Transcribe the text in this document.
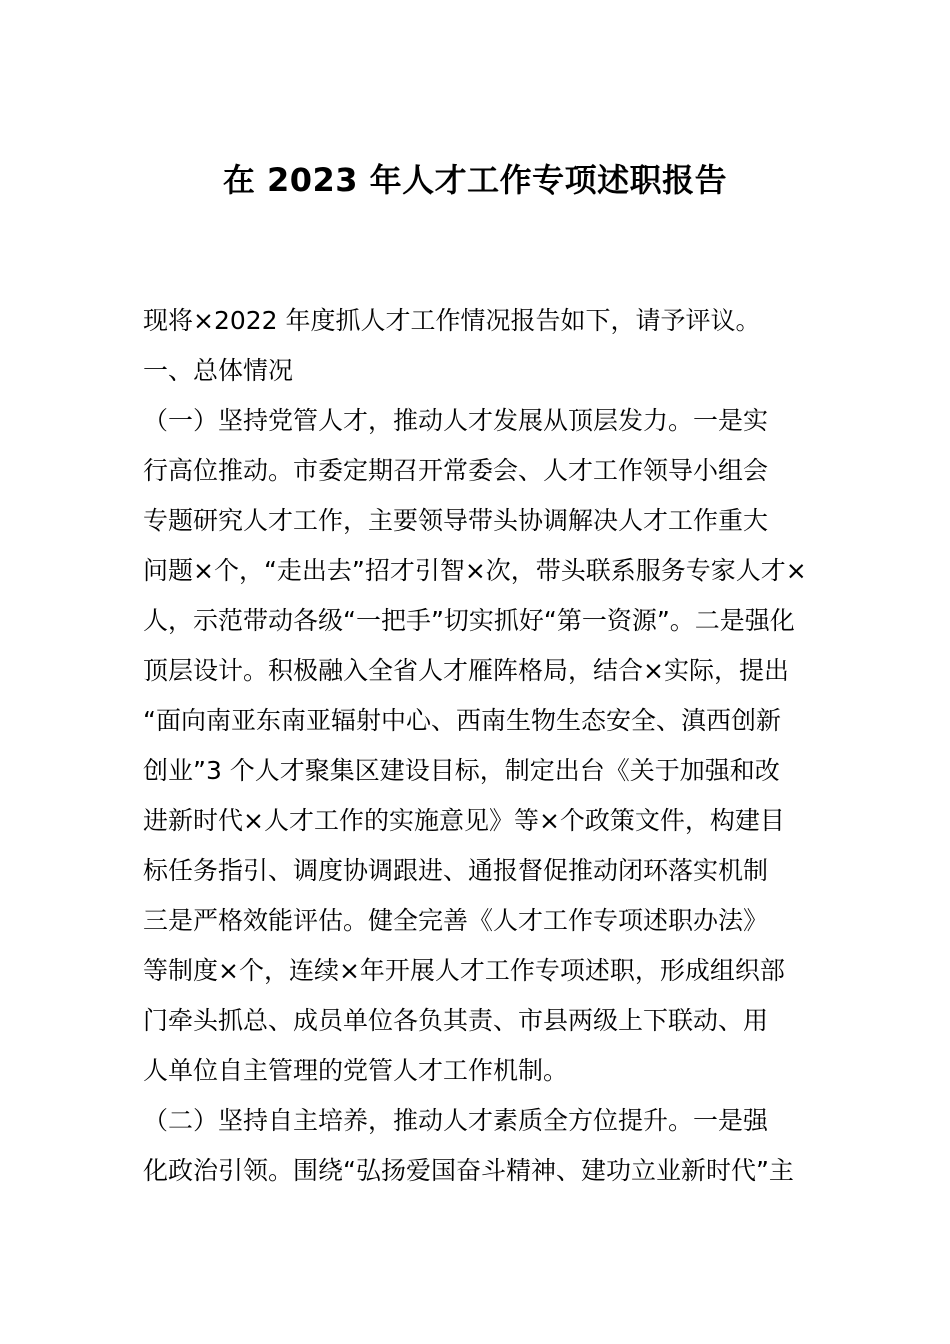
在 2023 年人才工作专项述职报告
现将×2022 年度抓人才工作情况报告如下，请予评议。
一、总体情况
（一）坚持党管人才，推动人才发展从顶层发力。一是实
行高位推动。市委定期召开常委会、人才工作领导小组会
专题研究人才工作，主要领导带头协调解决人才工作重大
问题×个，“走出去”招才引智×次，带头联系服务专家人才×
人，示范带动各级“一把手”切实抓好“第一资源”。二是强化
顶层设计。积极融入全省人才雁阵格局，结合×实际，提出
“面向南亚东南亚辐射中心、西南生物生态安全、滇西创新
创业”3 个人才聚集区建设目标，制定出台《关于加强和改
进新时代×人才工作的实施意见》等×个政策文件，构建目
标任务指引、调度协调跟进、通报督促推动闭环落实机制
三是严格效能评估。健全完善《人才工作专项述职办法》
等制度×个，连续×年开展人才工作专项述职，形成组织部
门牵头抓总、成员单位各负其责、市县两级上下联动、用
人单位自主管理的党管人才工作机制。
（二）坚持自主培养，推动人才素质全方位提升。一是强
化政治引领。围绕“弘扬爱国奋斗精神、建功立业新时代”主
